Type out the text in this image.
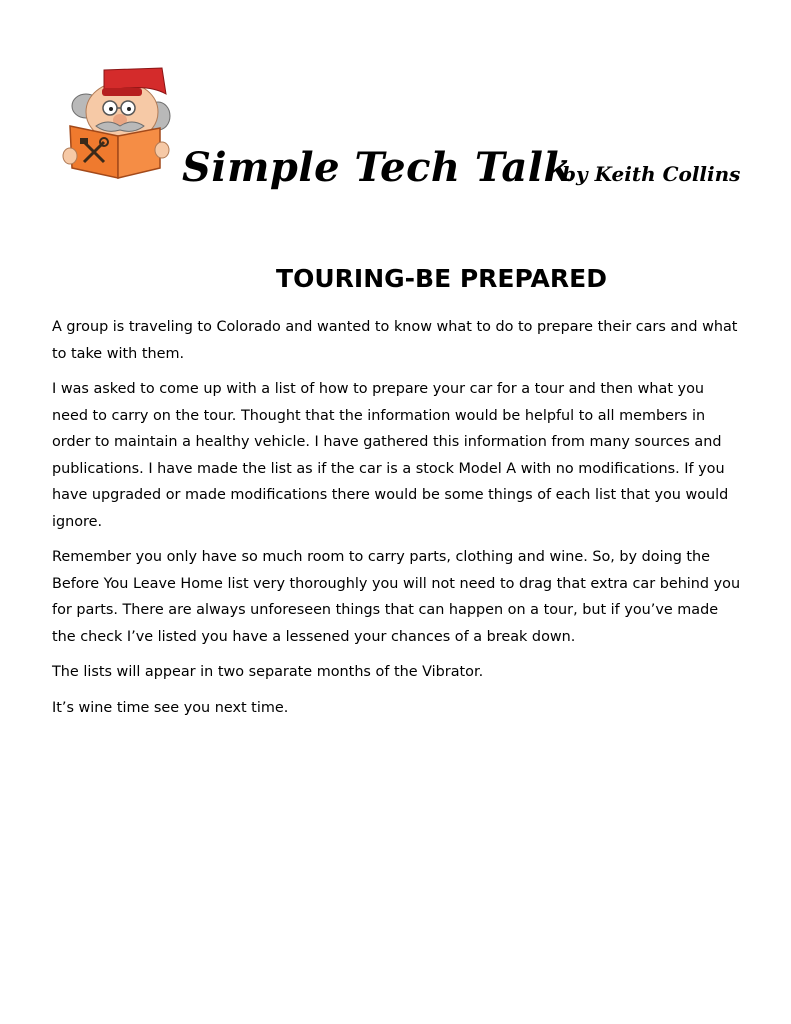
Simple Tech Talk
by Keith Collins
TOURING-BE PREPARED

A group is traveling to Colorado and wanted to know what to do to prepare their cars and what to take with them.

I was asked to come up with a list of how to prepare your car for a tour and then what you need to carry on the tour. Thought that the information would be helpful to all members in order to maintain a healthy vehicle. I have gathered this information from many sources and publications. I have made the list as if the car is a stock Model A with no modifications. If you have upgraded or made modifications there would be some things of each list that you would ignore.

Remember you only have so much room to carry parts, clothing and wine. So, by doing the Before You Leave Home list very thoroughly you will not need to drag that extra car behind you for parts. There are always unforeseen things that can happen on a tour, but if you’ve made the check I’ve listed you have a lessened your chances of a break down.

The lists will appear in two separate months of the Vibrator.

It’s wine time see you next time.
